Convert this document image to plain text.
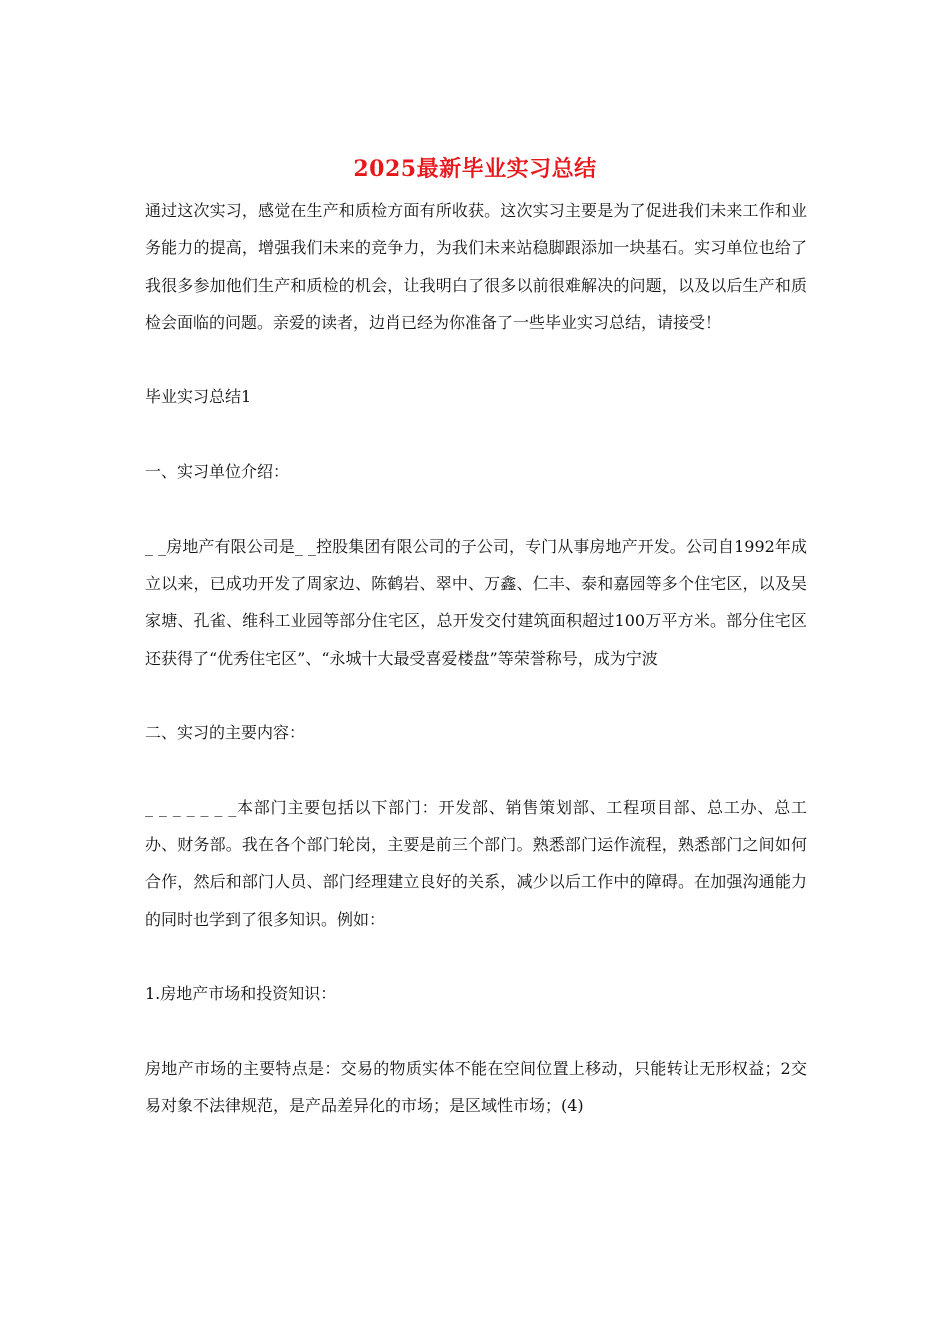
2025最新毕业实习总结

通过这次实习，感觉在生产和质检方面有所收获。这次实习主要是为了促进我们未来工作和业务能力的提高，增强我们未来的竞争力，为我们未来站稳脚跟添加一块基石。实习单位也给了我很多参加他们生产和质检的机会，让我明白了很多以前很难解决的问题，以及以后生产和质检会面临的问题。亲爱的读者，边肖已经为你准备了一些毕业实习总结，请接受！

毕业实习总结1

一、实习单位介绍：

_ _房地产有限公司是_ _控股集团有限公司的子公司，专门从事房地产开发。公司自1992年成立以来，已成功开发了周家边、陈鹤岩、翠中、万鑫、仁丰、泰和嘉园等多个住宅区，以及吴家塘、孔雀、维科工业园等部分住宅区，总开发交付建筑面积超过100万平方米。部分住宅区还获得了“优秀住宅区”、“永城十大最受喜爱楼盘”等荣誉称号，成为宁波

二、实习的主要内容：

_ _ _ _ _ _ _本部门主要包括以下部门：开发部、销售策划部、工程项目部、总工办、总工办、财务部。我在各个部门轮岗，主要是前三个部门。熟悉部门运作流程，熟悉部门之间如何合作，然后和部门人员、部门经理建立良好的关系，减少以后工作中的障碍。在加强沟通能力的同时也学到了很多知识。例如：

1.房地产市场和投资知识：

房地产市场的主要特点是：交易的物质实体不能在空间位置上移动，只能转让无形权益；2交易对象不法律规范，是产品差异化的市场；是区域性市场；(4)
